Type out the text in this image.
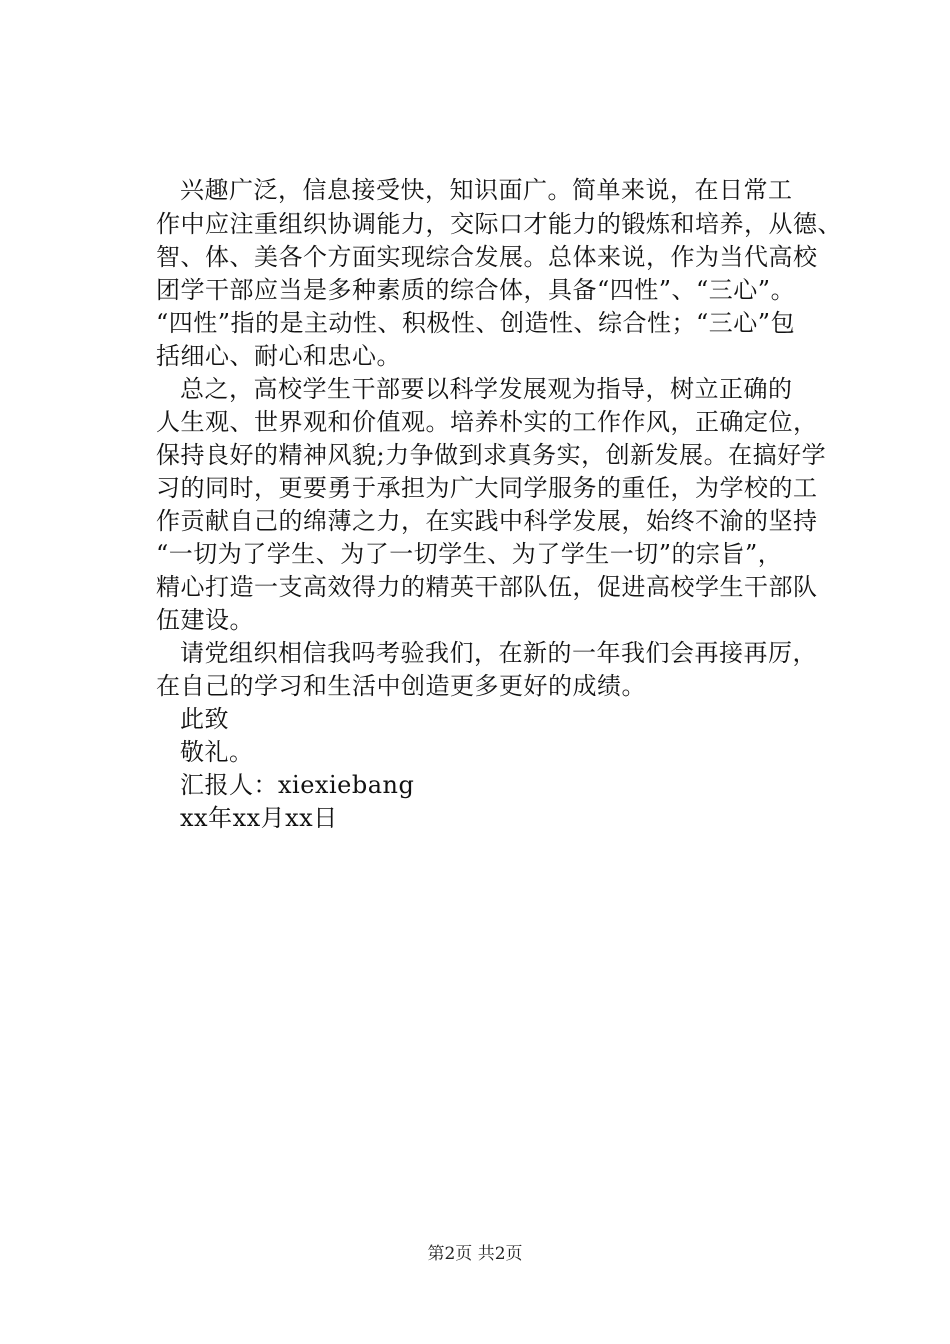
兴趣广泛，信息接受快，知识面广。简单来说，在日常工
作中应注重组织协调能力，交际口才能力的锻炼和培养，从德、
智、体、美各个方面实现综合发展。总体来说，作为当代高校
团学干部应当是多种素质的综合体，具备“四性”、“三心”。
“四性”指的是主动性、积极性、创造性、综合性；“三心”包
括细心、耐心和忠心。
总之，高校学生干部要以科学发展观为指导，树立正确的
人生观、世界观和价值观。培养朴实的工作作风，正确定位，
保持良好的精神风貌;力争做到求真务实，创新发展。在搞好学
习的同时，更要勇于承担为广大同学服务的重任，为学校的工
作贡献自己的绵薄之力，在实践中科学发展，始终不渝的坚持
“一切为了学生、为了一切学生、为了学生一切”的宗旨”，
精心打造一支高效得力的精英干部队伍，促进高校学生干部队
伍建设。
请党组织相信我吗考验我们，在新的一年我们会再接再厉，
在自己的学习和生活中创造更多更好的成绩。
此致
敬礼。
汇报人：xiexiebang
xx年xx月xx日
第2页 共2页
